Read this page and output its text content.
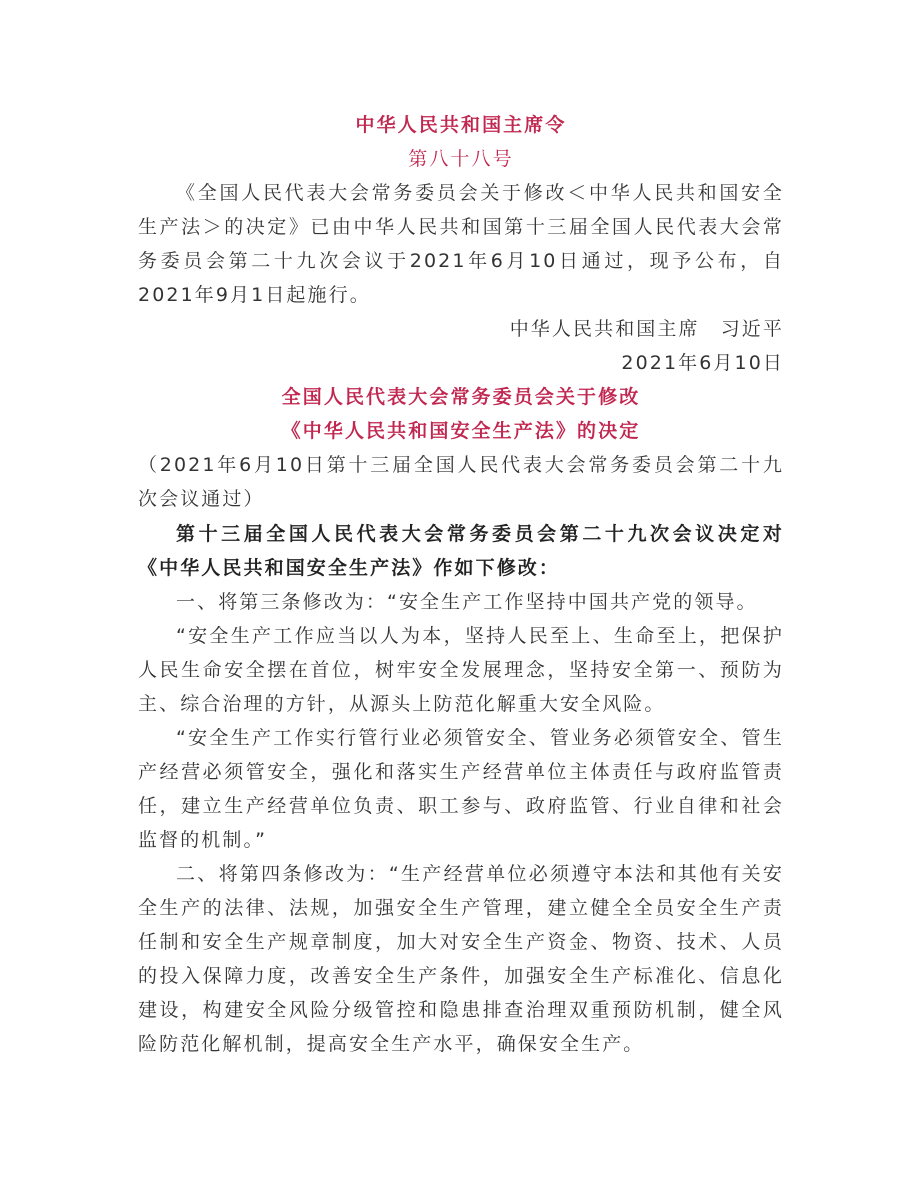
中华人民共和国主席令
第八十八号

《全国人民代表大会常务委员会关于修改＜中华人民共和国安全生产法＞的决定》已由中华人民共和国第十三届全国人民代表大会常务委员会第二十九次会议于2021年6月10日通过，现予公布，自2021年9月1日起施行。

中华人民共和国主席　习近平
2021年6月10日
全国人民代表大会常务委员会关于修改
《中华人民共和国安全生产法》的决定

（2021年6月10日第十三届全国人民代表大会常务委员会第二十九次会议通过）

第十三届全国人民代表大会常务委员会第二十九次会议决定对《中华人民共和国安全生产法》作如下修改：

一、将第三条修改为：“安全生产工作坚持中国共产党的领导。

“安全生产工作应当以人为本，坚持人民至上、生命至上，把保护人民生命安全摆在首位，树牢安全发展理念，坚持安全第一、预防为主、综合治理的方针，从源头上防范化解重大安全风险。

“安全生产工作实行管行业必须管安全、管业务必须管安全、管生产经营必须管安全，强化和落实生产经营单位主体责任与政府监管责任，建立生产经营单位负责、职工参与、政府监管、行业自律和社会监督的机制。”

二、将第四条修改为：“生产经营单位必须遵守本法和其他有关安全生产的法律、法规，加强安全生产管理，建立健全全员安全生产责任制和安全生产规章制度，加大对安全生产资金、物资、技术、人员的投入保障力度，改善安全生产条件，加强安全生产标准化、信息化建设，构建安全风险分级管控和隐患排查治理双重预防机制，健全风险防范化解机制，提高安全生产水平，确保安全生产。
